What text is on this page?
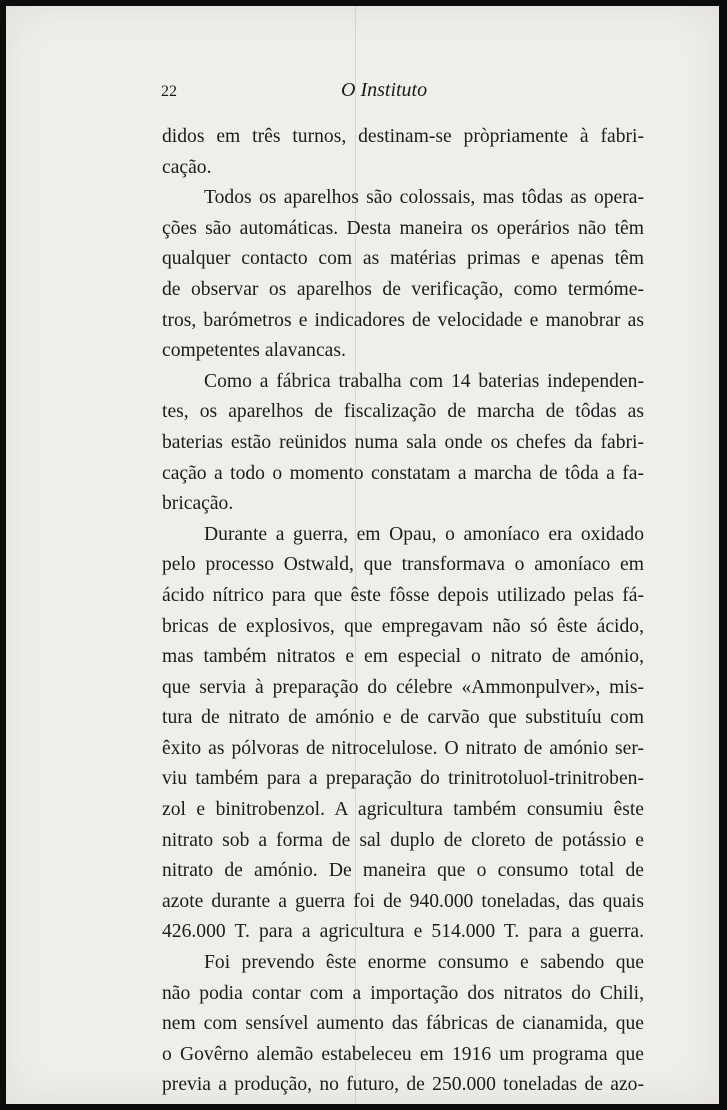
22	O Instituto

didos em três turnos, destinam-se pròpriamente à fabri-
cação.

Todos os aparelhos são colossais, mas tôdas as opera-
ções são automáticas. Desta maneira os operários não têm
qualquer contacto com as matérias primas e apenas têm
de observar os aparelhos de verificação, como termóme-
tros, barómetros e indicadores de velocidade e manobrar as
competentes alavancas.

Como a fábrica trabalha com 14 baterias independen-
tes, os aparelhos de fiscalização de marcha de tôdas as
baterias estão reünidos numa sala onde os chefes da fabri-
cação a todo o momento constatam a marcha de tôda a fa-
bricação.

Durante a guerra, em Opau, o amoníaco era oxidado
pelo processo Ostwald, que transformava o amoníaco em
ácido nítrico para que êste fôsse depois utilizado pelas fá-
bricas de explosivos, que empregavam não só êste ácido,
mas também nitratos e em especial o nitrato de amónio,
que servia à preparação do célebre «Ammonpulver», mis-
tura de nitrato de amónio e de carvão que substituíu com
êxito as pólvoras de nitrocelulose. O nitrato de amónio ser-
viu também para a preparação do trinitrotoluol-trinitroben-
zol e binitrobenzol. A agricultura também consumiu êste
nitrato sob a forma de sal duplo de cloreto de potássio e
nitrato de amónio. De maneira que o consumo total de
azote durante a guerra foi de 940.000 toneladas, das quais
426.000 T. para a agricultura e 514.000 T. para a guerra.

Foi prevendo êste enorme consumo e sabendo que
não podia contar com a importação dos nitratos do Chili,
nem com sensível aumento das fábricas de cianamida, que
o Govêrno alemão estabeleceu em 1916 um programa que
previa a produção, no futuro, de 250.000 toneladas de azo-
